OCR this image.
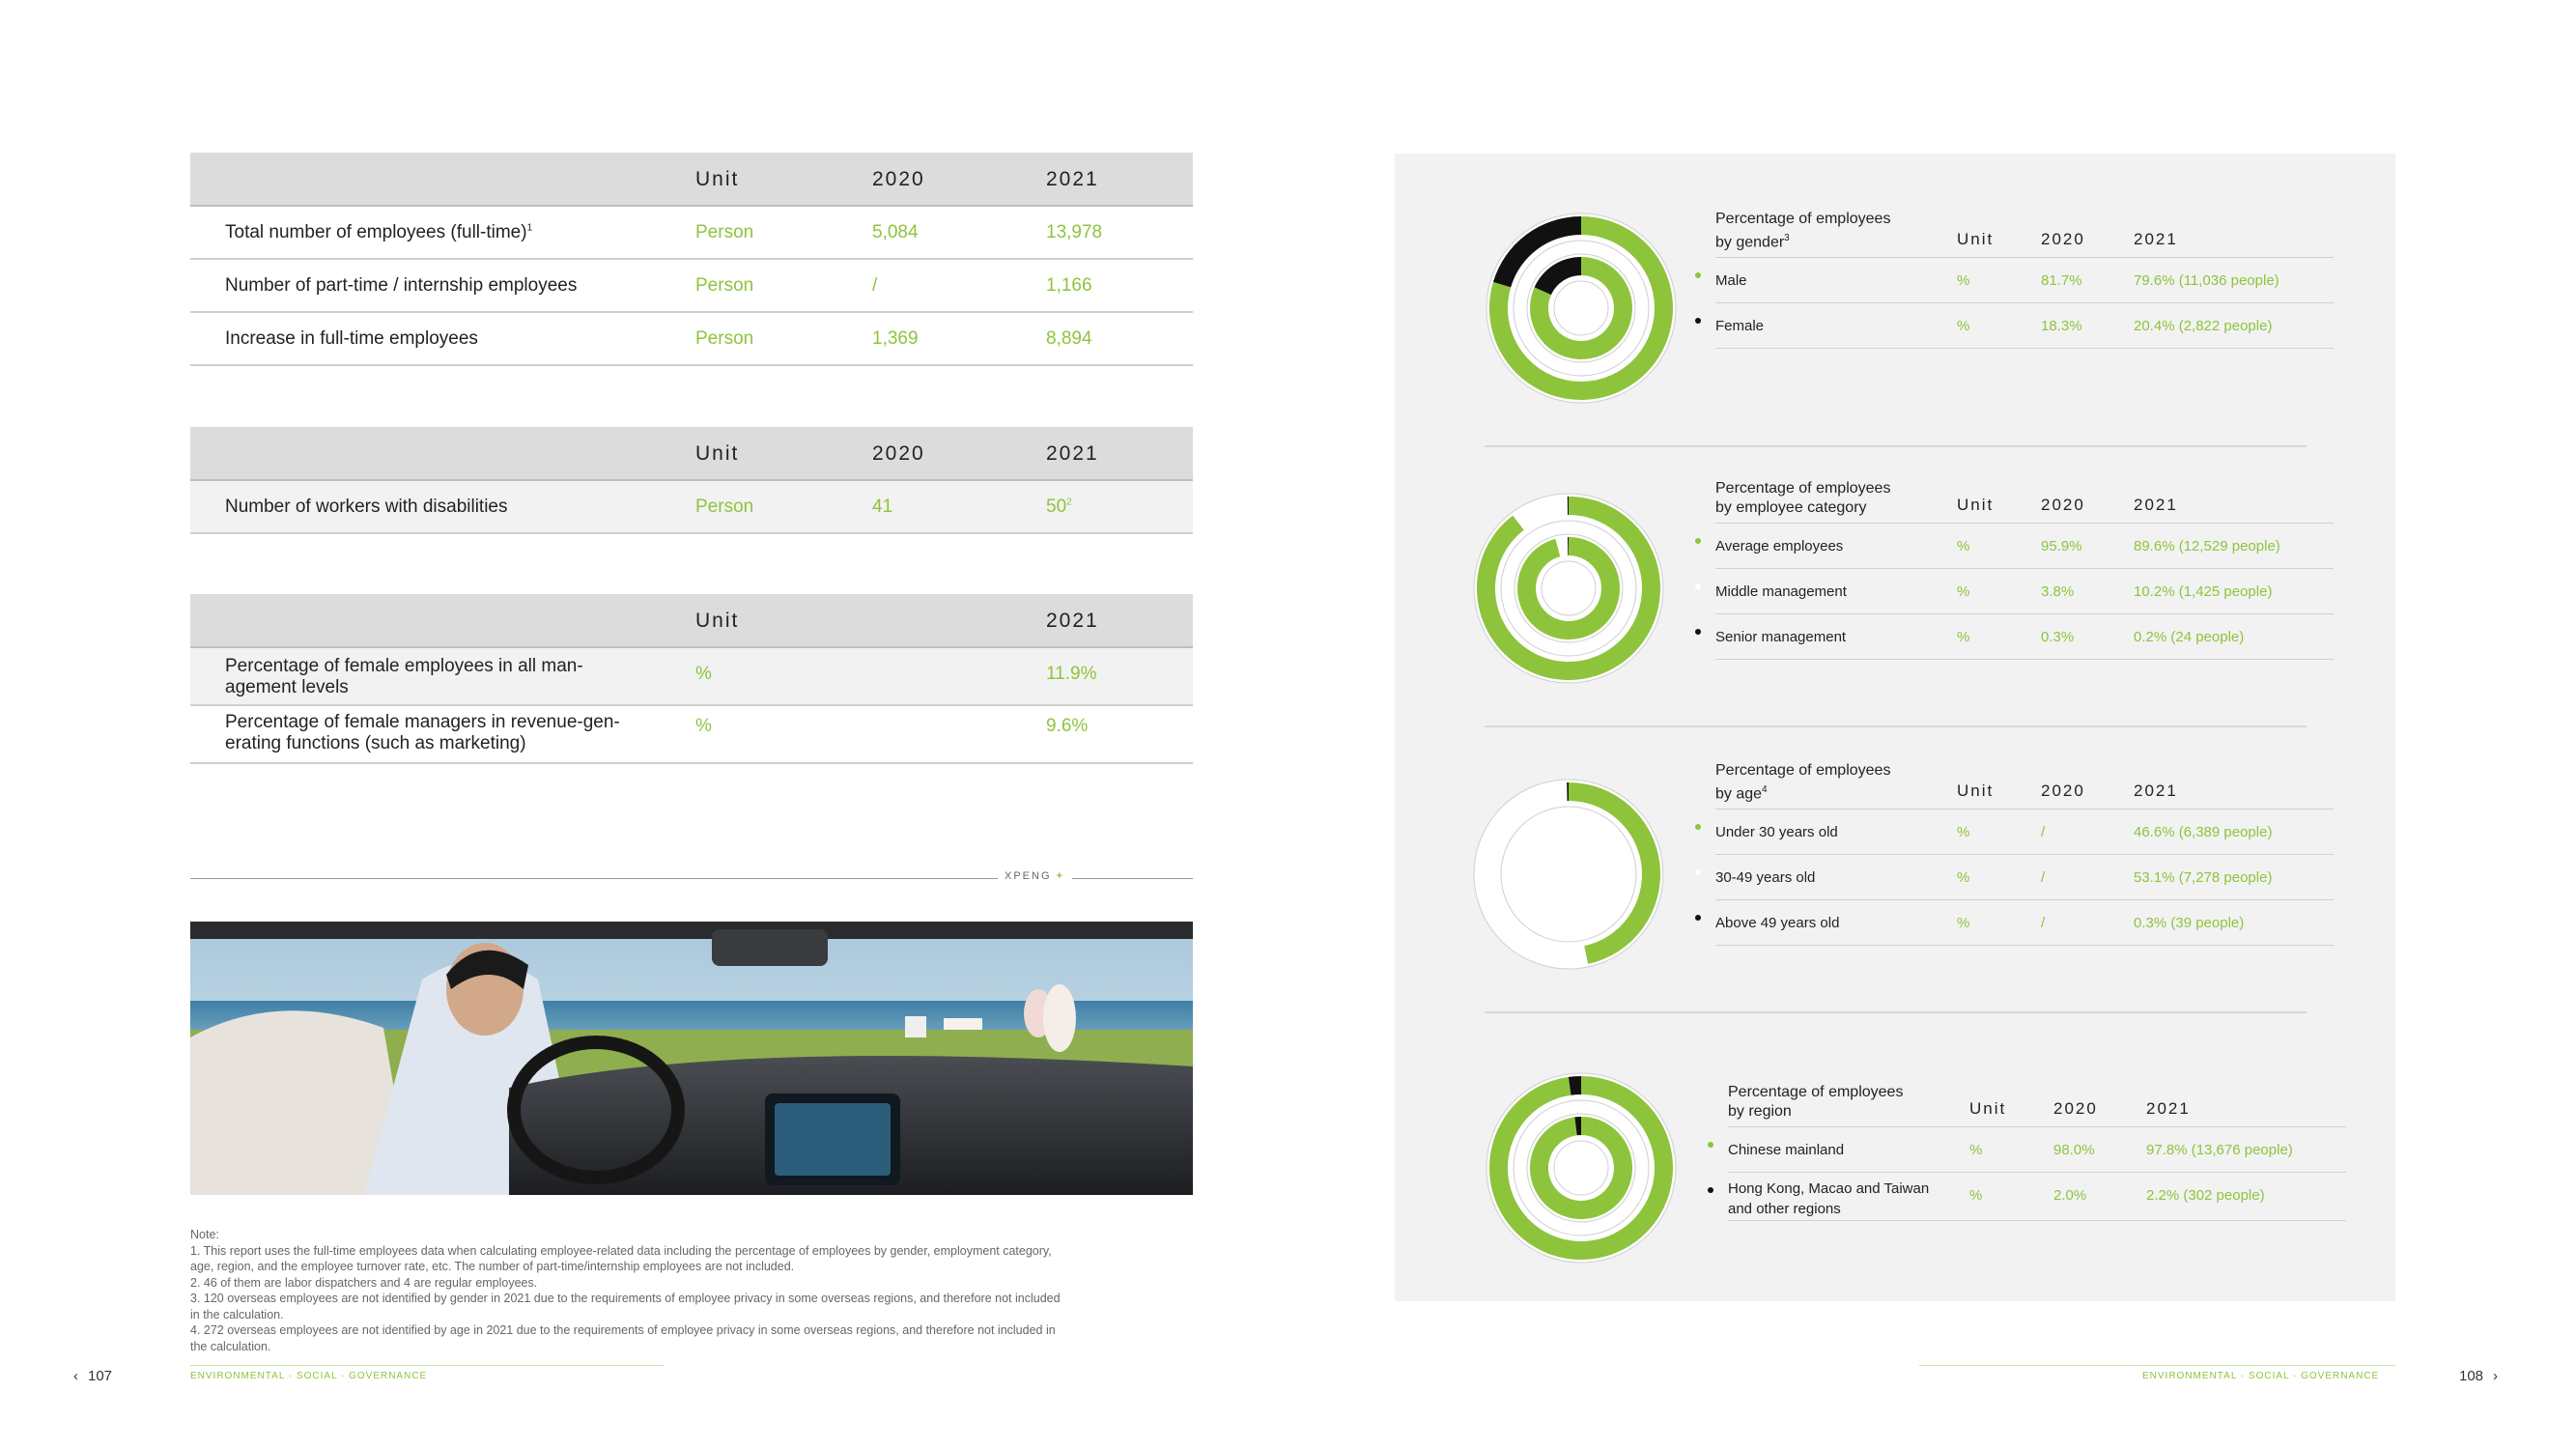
Unit	2020	2021
Total number of employees (full-time)$^1$	Person	5,084	13,978
Number of part-time / internship employees	Person	/	1,166
Increase in full-time employees	Person	1,369	8,894
Unit	2020	2021
Number of workers with disabilities	Person	41	$50^2$
Unit	2021
Percentage of female employees in all man-
agement levels
%	11.9%
Percentage of female managers in revenue-gen-
erating functions (such as marketing)
%	9.6%
XPENG +
Note:
1. This report uses the full-time employees data when calculating employee-related data including the percentage of employees by gender, employment category,
age, region, and the employee turnover rate, etc. The number of part-time/internship employees are not included.
2. 46 of them are labor dispatchers and 4 are regular employees.
3. 120 overseas employees are not identified by gender in 2021 due to the requirements of employee privacy in some overseas regions, and therefore not included
in the calculation.
4. 272 overseas employees are not identified by age in 2021 due to the requirements of employee privacy in some overseas regions, and therefore not included in
the calculation.
‹ 107	ENVIRONMENTAL · SOCIAL · GOVERNANCE
Percentage of employees
by gender$^3$	Unit	2020	2021
Male	%	81.7%	79.6% (11,036 people)
Female	%	18.3%	20.4% (2,822 people)
Percentage of employees
by employee category	Unit	2020	2021
Average employees	%	95.9%	89.6% (12,529 people)
Middle management	%	3.8%	10.2% (1,425 people)
Senior management	%	0.3%	0.2% (24 people)
Percentage of employees
by age$^4$	Unit	2020	2021
Under 30 years old	%	/	46.6% (6,389 people)
30-49 years old	%	/	53.1% (7,278 people)
Above 49 years old	%	/	0.3% (39 people)
Percentage of employees
by region	Unit	2020	2021
Chinese mainland	%	98.0%	97.8% (13,676 people)
Hong Kong, Macao and Taiwan
and other regions
%	2.0%	2.2% (302 people)
ENVIRONMENTAL · SOCIAL · GOVERNANCE	108 ›
